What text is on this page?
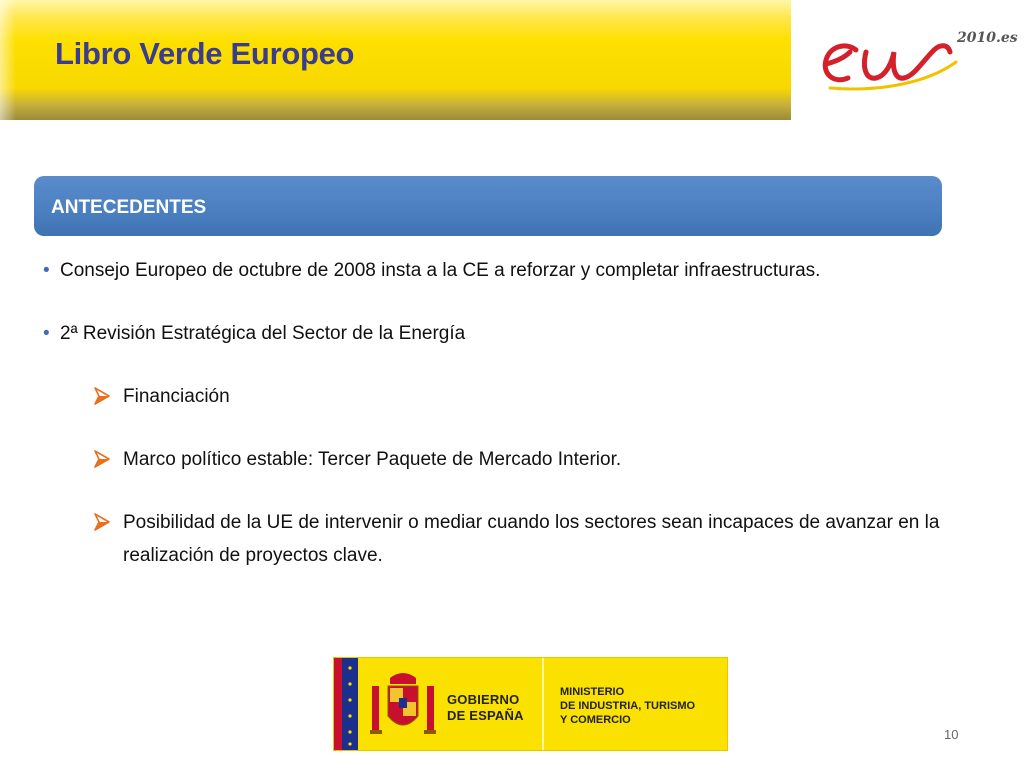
Libro Verde Europeo	2010.es
ANTECEDENTES
• Consejo Europeo de octubre de 2008 insta a la CE a reforzar y completar infraestructuras.
• 2ª Revisión Estratégica del Sector de la Energía
Financiación
Marco político estable: Tercer Paquete de Mercado Interior.
Posibilidad de la UE de intervenir o mediar cuando los sectores sean incapaces de avanzar en la realización de proyectos clave.
GOBIERNO
DE ESPAÑA
MINISTERIO
DE INDUSTRIA, TURISMO
Y COMERCIO
10
